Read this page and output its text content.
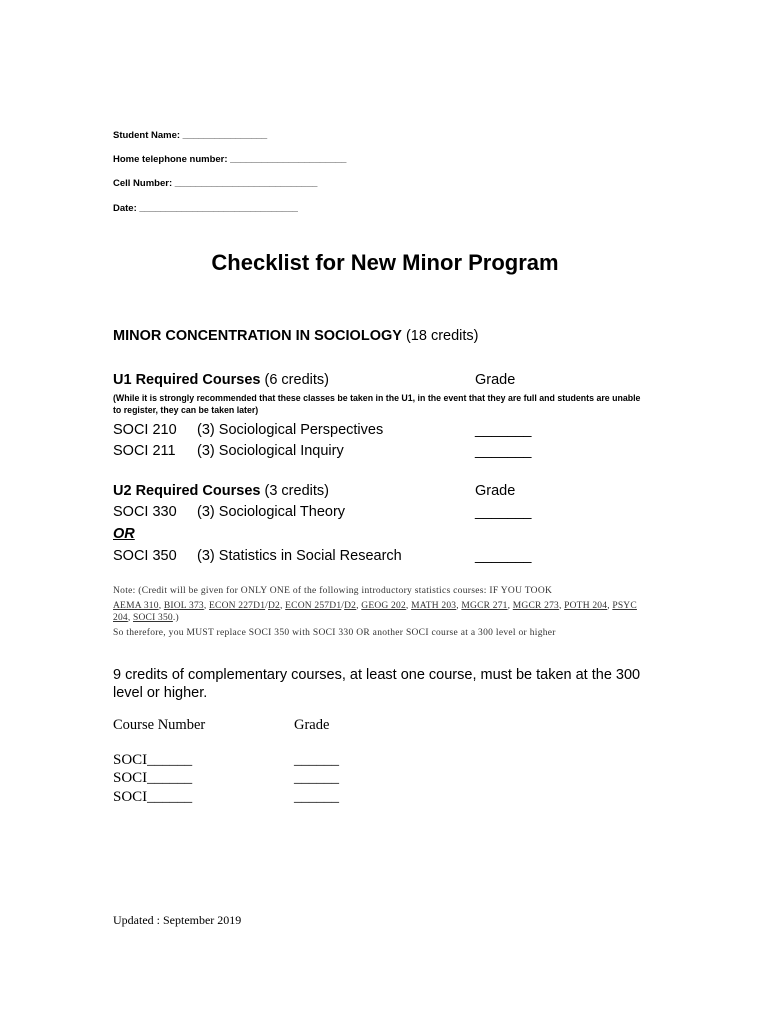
Student Name: ________________
Home telephone number: ______________________
Cell Number: ___________________________
Date: ______________________________
Checklist for New Minor Program
MINOR CONCENTRATION IN SOCIOLOGY (18 credits)
U1 Required Courses (6 credits)	Grade
(While it is strongly recommended that these classes be taken in the U1, in the event that they are full and students are unable to register, they can be taken later)
SOCI 210 (3) Sociological Perspectives	_______
SOCI 211 (3) Sociological Inquiry	_______
U2 Required Courses (3 credits)	Grade
SOCI 330 (3) Sociological Theory	_______
OR
SOCI 350 (3) Statistics in Social Research	_______
Note: (Credit will be given for ONLY ONE of the following introductory statistics courses: IF YOU TOOK
AEMA 310, BIOL 373, ECON 227D1/D2, ECON 257D1/D2, GEOG 202, MATH 203, MGCR 271, MGCR 273, POTH 204, PSYC 204, SOCI 350.)
So therefore, you MUST replace SOCI 350 with SOCI 330 OR another SOCI course at a 300 level or higher
9 credits of complementary courses, at least one course, must be taken at the 300 level or higher.
Course Number	Grade
SOCI______	______
SOCI______	______
SOCI______	______
Updated : September 2019
